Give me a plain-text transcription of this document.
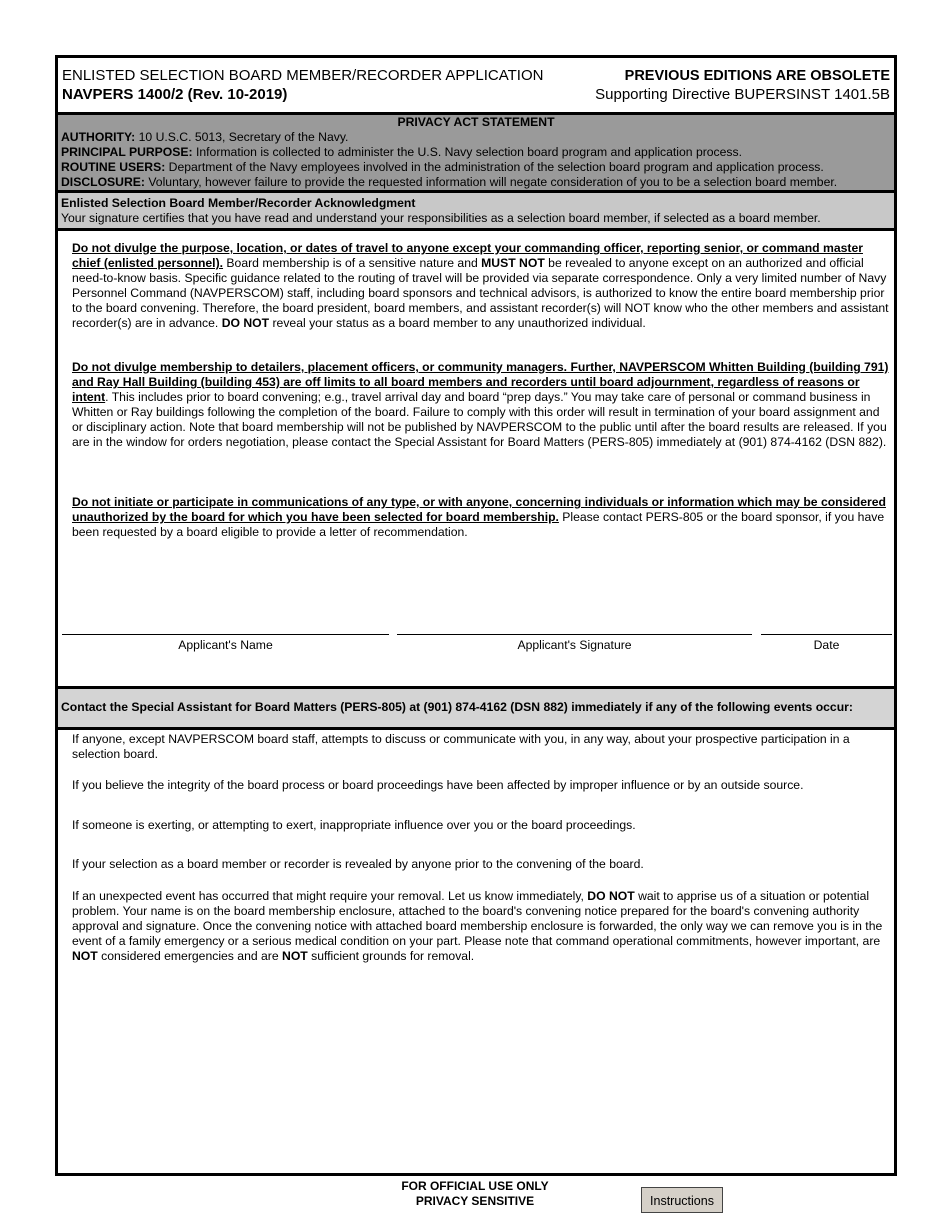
ENLISTED SELECTION BOARD MEMBER/RECORDER APPLICATION
NAVPERS 1400/2 (Rev. 10-2019)
PREVIOUS EDITIONS ARE OBSOLETE
Supporting Directive BUPERSINST 1401.5B
PRIVACY ACT STATEMENT
AUTHORITY: 10 U.S.C. 5013, Secretary of the Navy.
PRINCIPAL PURPOSE: Information is collected to administer the U.S. Navy selection board program and application process.
ROUTINE USERS: Department of the Navy employees involved in the administration of the selection board program and application process.
DISCLOSURE: Voluntary, however failure to provide the requested information will negate consideration of you to be a selection board member.
Enlisted Selection Board Member/Recorder Acknowledgment
Your signature certifies that you have read and understand your responsibilities as a selection board member, if selected as a board member.
Do not divulge the purpose, location, or dates of travel to anyone except your commanding officer, reporting senior, or command master chief (enlisted personnel). Board membership is of a sensitive nature and MUST NOT be revealed to anyone except on an authorized and official need-to-know basis. Specific guidance related to the routing of travel will be provided via separate correspondence. Only a very limited number of Navy Personnel Command (NAVPERSCOM) staff, including board sponsors and technical advisors, is authorized to know the entire board membership prior to the board convening. Therefore, the board president, board members, and assistant recorder(s) will NOT know who the other members and assistant recorder(s) are in advance. DO NOT reveal your status as a board member to any unauthorized individual.
Do not divulge membership to detailers, placement officers, or community managers. Further, NAVPERSCOM Whitten Building (building 791) and Ray Hall Building (building 453) are off limits to all board members and recorders until board adjournment, regardless of reasons or intent. This includes prior to board convening; e.g., travel arrival day and board “prep days.” You may take care of personal or command business in Whitten or Ray buildings following the completion of the board. Failure to comply with this order will result in termination of your board assignment and or disciplinary action. Note that board membership will not be published by NAVPERSCOM to the public until after the board results are released. If you are in the window for orders negotiation, please contact the Special Assistant for Board Matters (PERS-805) immediately at (901) 874-4162 (DSN 882).
Do not initiate or participate in communications of any type, or with anyone, concerning individuals or information which may be considered unauthorized by the board for which you have been selected for board membership. Please contact PERS-805 or the board sponsor, if you have been requested by a board eligible to provide a letter of recommendation.
Applicant's Name	Applicant's Signature	Date
Contact the Special Assistant for Board Matters (PERS-805) at (901) 874-4162 (DSN 882) immediately if any of the following events occur:
If anyone, except NAVPERSCOM board staff, attempts to discuss or communicate with you, in any way, about your prospective participation in a selection board.
If you believe the integrity of the board process or board proceedings have been affected by improper influence or by an outside source.
If someone is exerting, or attempting to exert, inappropriate influence over you or the board proceedings.
If your selection as a board member or recorder is revealed by anyone prior to the convening of the board.
If an unexpected event has occurred that might require your removal. Let us know immediately, DO NOT wait to apprise us of a situation or potential problem. Your name is on the board membership enclosure, attached to the board's convening notice prepared for the board's convening authority approval and signature. Once the convening notice with attached board membership enclosure is forwarded, the only way we can remove you is in the event of a family emergency or a serious medical condition on your part. Please note that command operational commitments, however important, are NOT considered emergencies and are NOT sufficient grounds for removal.
FOR OFFICIAL USE ONLY
PRIVACY SENSITIVE	Instructions
